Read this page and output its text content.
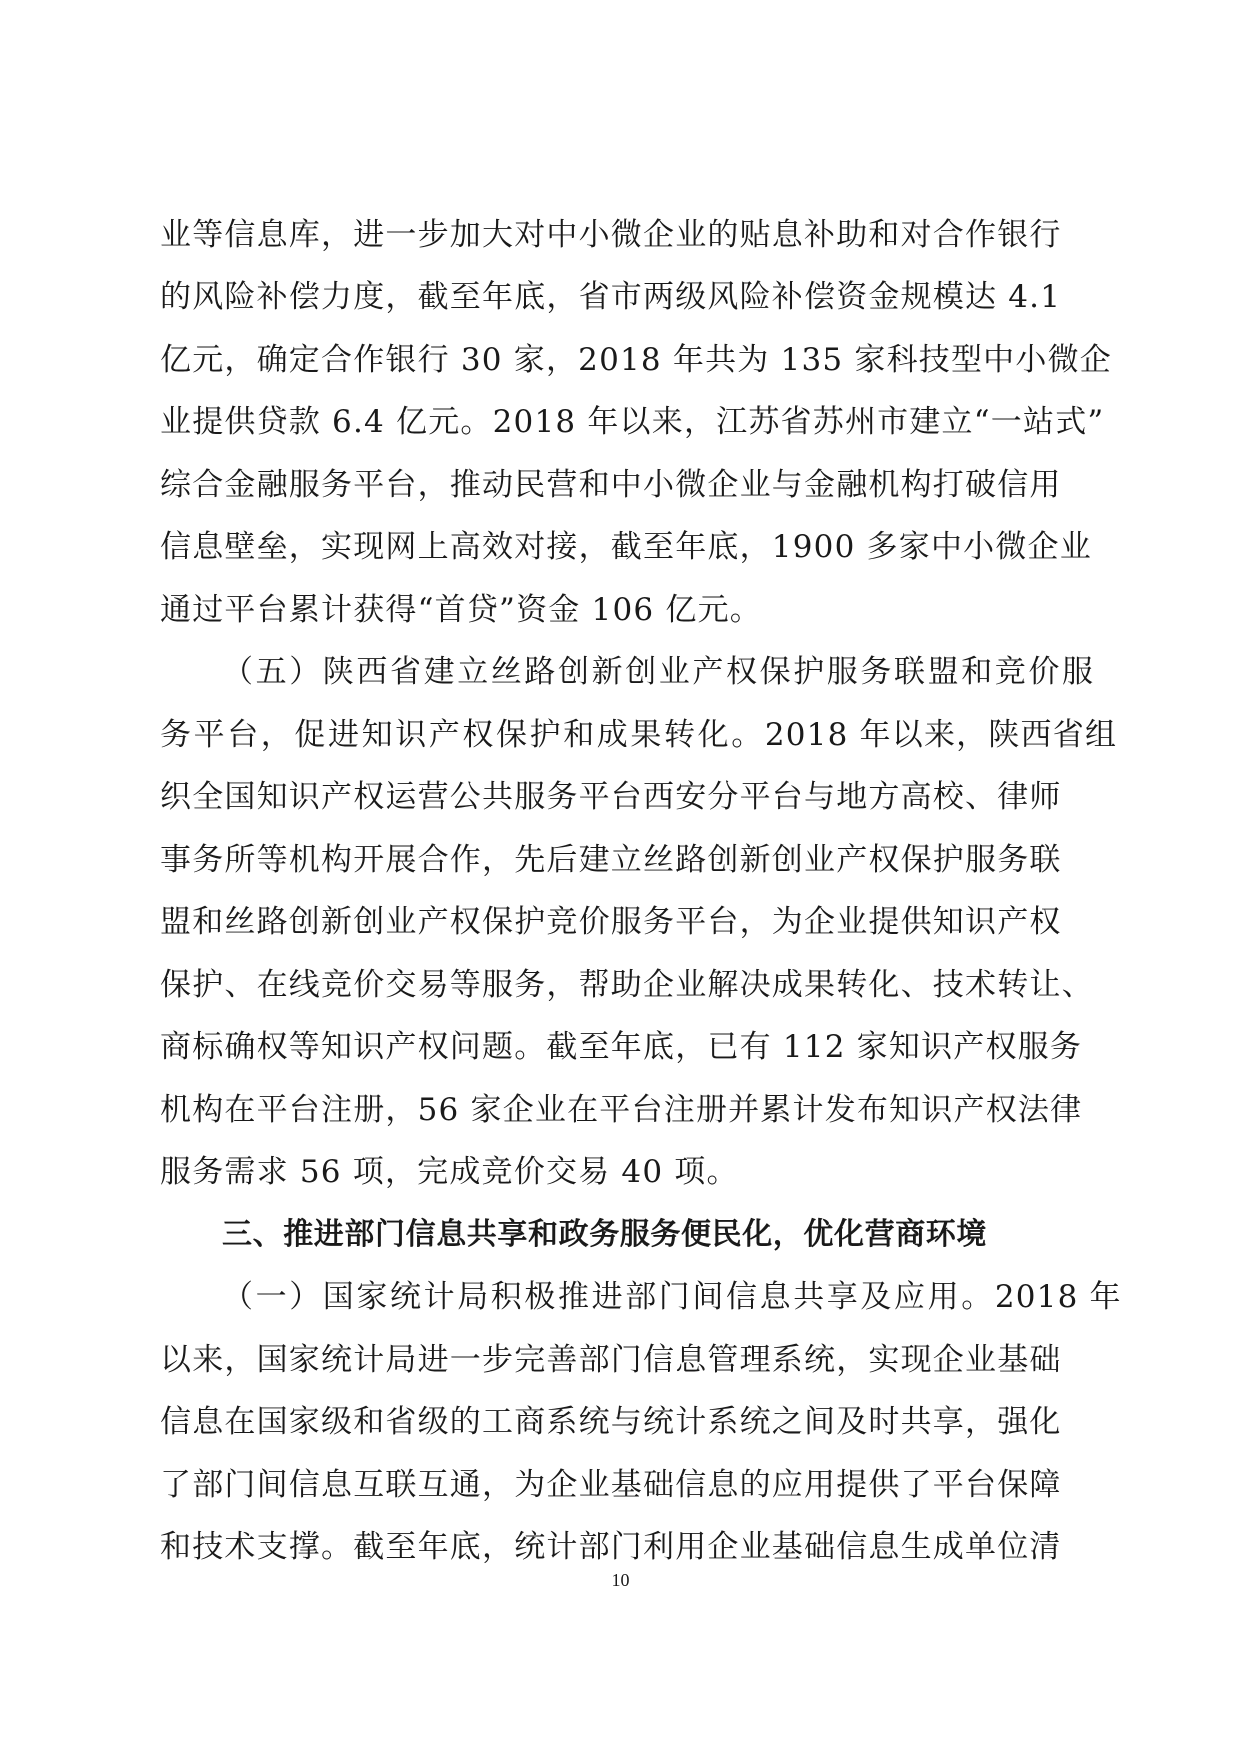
业等信息库，进一步加大对中小微企业的贴息补助和对合作银行
的风险补偿力度，截至年底，省市两级风险补偿资金规模达 4.1
亿元，确定合作银行 30 家，2018 年共为 135 家科技型中小微企
业提供贷款 6.4 亿元。2018 年以来，江苏省苏州市建立“一站式”
综合金融服务平台，推动民营和中小微企业与金融机构打破信用
信息壁垒，实现网上高效对接，截至年底，1900 多家中小微企业
通过平台累计获得“首贷”资金 106 亿元。
（五）陕西省建立丝路创新创业产权保护服务联盟和竞价服
务平台，促进知识产权保护和成果转化。2018 年以来，陕西省组
织全国知识产权运营公共服务平台西安分平台与地方高校、律师
事务所等机构开展合作，先后建立丝路创新创业产权保护服务联
盟和丝路创新创业产权保护竞价服务平台，为企业提供知识产权
保护、在线竞价交易等服务，帮助企业解决成果转化、技术转让、
商标确权等知识产权问题。截至年底，已有 112 家知识产权服务
机构在平台注册，56 家企业在平台注册并累计发布知识产权法律
服务需求 56 项，完成竞价交易 40 项。
三、推进部门信息共享和政务服务便民化，优化营商环境
（一）国家统计局积极推进部门间信息共享及应用。2018 年
以来，国家统计局进一步完善部门信息管理系统，实现企业基础
信息在国家级和省级的工商系统与统计系统之间及时共享，强化
了部门间信息互联互通，为企业基础信息的应用提供了平台保障
和技术支撑。截至年底，统计部门利用企业基础信息生成单位清
10
